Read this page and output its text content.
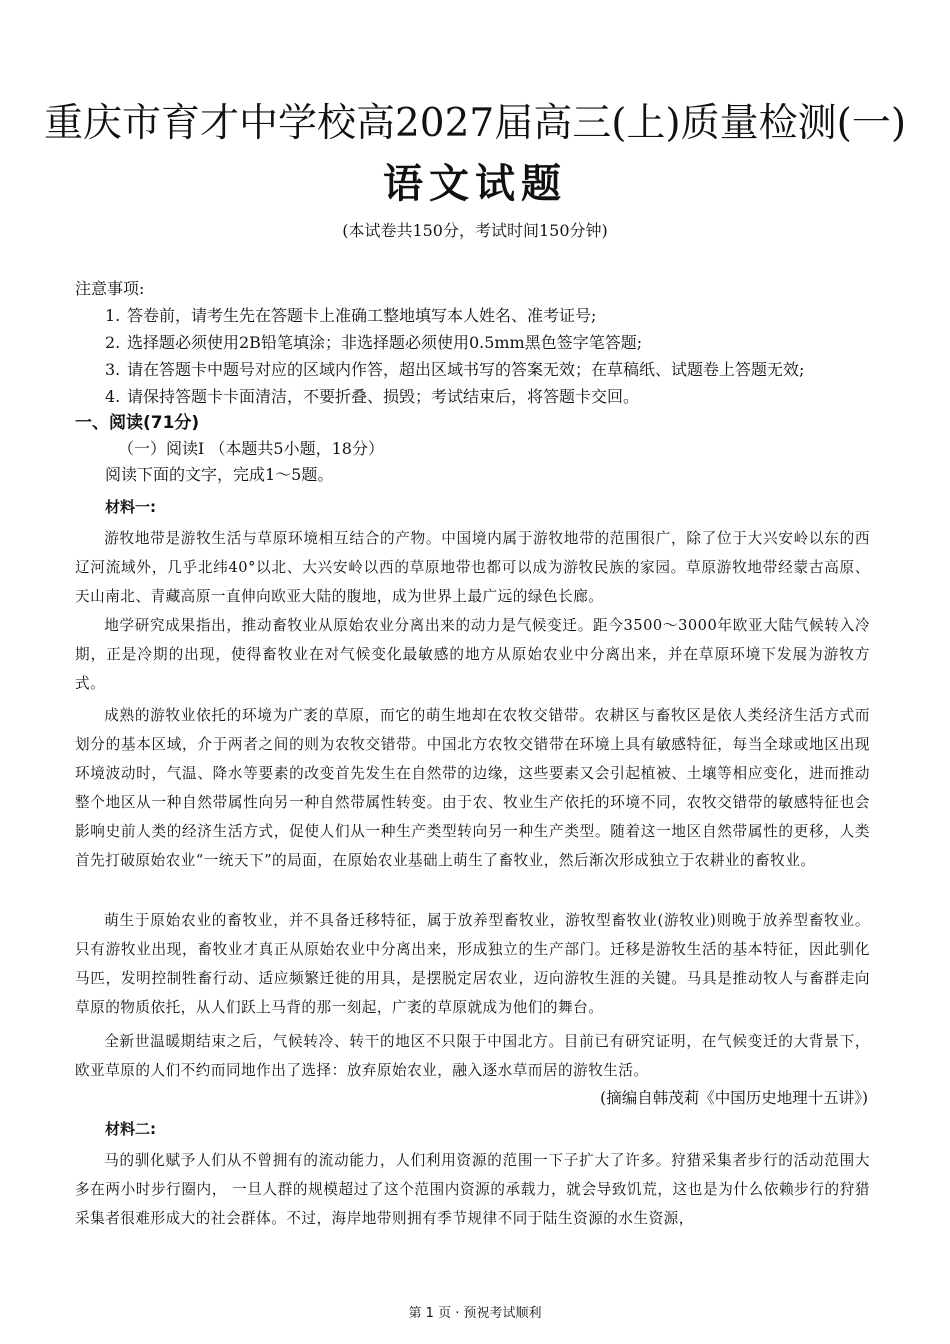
重庆市育才中学校高2027届高三(上)质量检测(一)
语文试题
(本试卷共150分，考试时间150分钟)
注意事项:
1. 答卷前，请考生先在答题卡上准确工整地填写本人姓名、准考证号;
2. 选择题必须使用2B铅笔填涂；非选择题必须使用0.5mm黑色签字笔答题;
3. 请在答题卡中题号对应的区域内作答，超出区域书写的答案无效；在草稿纸、试题卷上答题无效;
4. 请保持答题卡卡面清洁，不要折叠、损毁；考试结束后，将答题卡交回。
一、阅读(71分)
（一）阅读I （本题共5小题，18分）
阅读下面的文字，完成1～5题。
材料一:
游牧地带是游牧生活与草原环境相互结合的产物。中国境内属于游牧地带的范围很广，除了位于大兴安岭以东的西辽河流域外，几乎北纬40°以北、大兴安岭以西的草原地带也都可以成为游牧民族的家园。草原游牧地带经蒙古高原、天山南北、青藏高原一直伸向欧亚大陆的腹地，成为世界上最广远的绿色长廊。
地学研究成果指出，推动畜牧业从原始农业分离出来的动力是气候变迁。距今3500～3000年欧亚大陆气候转入冷期，正是冷期的出现，使得畜牧业在对气候变化最敏感的地方从原始农业中分离出来，并在草原环境下发展为游牧方式。
成熟的游牧业依托的环境为广袤的草原，而它的萌生地却在农牧交错带。农耕区与畜牧区是依人类经济生活方式而划分的基本区域，介于两者之间的则为农牧交错带。中国北方农牧交错带在环境上具有敏感特征，每当全球或地区出现环境波动时，气温、降水等要素的改变首先发生在自然带的边缘，这些要素又会引起植被、土壤等相应变化，进而推动整个地区从一种自然带属性向另一种自然带属性转变。由于农、牧业生产依托的环境不同，农牧交错带的敏感特征也会影响史前人类的经济生活方式，促使人们从一种生产类型转向另一种生产类型。随着这一地区自然带属性的更移，人类首先打破原始农业“一统天下”的局面，在原始农业基础上萌生了畜牧业，然后渐次形成独立于农耕业的畜牧业。
萌生于原始农业的畜牧业，并不具备迁移特征，属于放养型畜牧业，游牧型畜牧业(游牧业)则晚于放养型畜牧业。只有游牧业出现，畜牧业才真正从原始农业中分离出来，形成独立的生产部门。迁移是游牧生活的基本特征，因此驯化马匹，发明控制牲畜行动、适应频繁迁徙的用具，是摆脱定居农业，迈向游牧生涯的关键。马具是推动牧人与畜群走向草原的物质依托，从人们跃上马背的那一刻起，广袤的草原就成为他们的舞台。
全新世温暖期结束之后，气候转冷、转干的地区不只限于中国北方。目前已有研究证明，在气候变迁的大背景下，欧亚草原的人们不约而同地作出了选择：放弃原始农业，融入逐水草而居的游牧生活。
(摘编自韩茂莉《中国历史地理十五讲》)
材料二:
马的驯化赋予人们从不曾拥有的流动能力，人们利用资源的范围一下子扩大了许多。狩猎采集者步行的活动范围大多在两小时步行圈内， 一旦人群的规模超过了这个范围内资源的承载力，就会导致饥荒，这也是为什么依赖步行的狩猎采集者很难形成大的社会群体。不过，海岸地带则拥有季节规律不同于陆生资源的水生资源，
第 1 页 · 预祝考试顺利
